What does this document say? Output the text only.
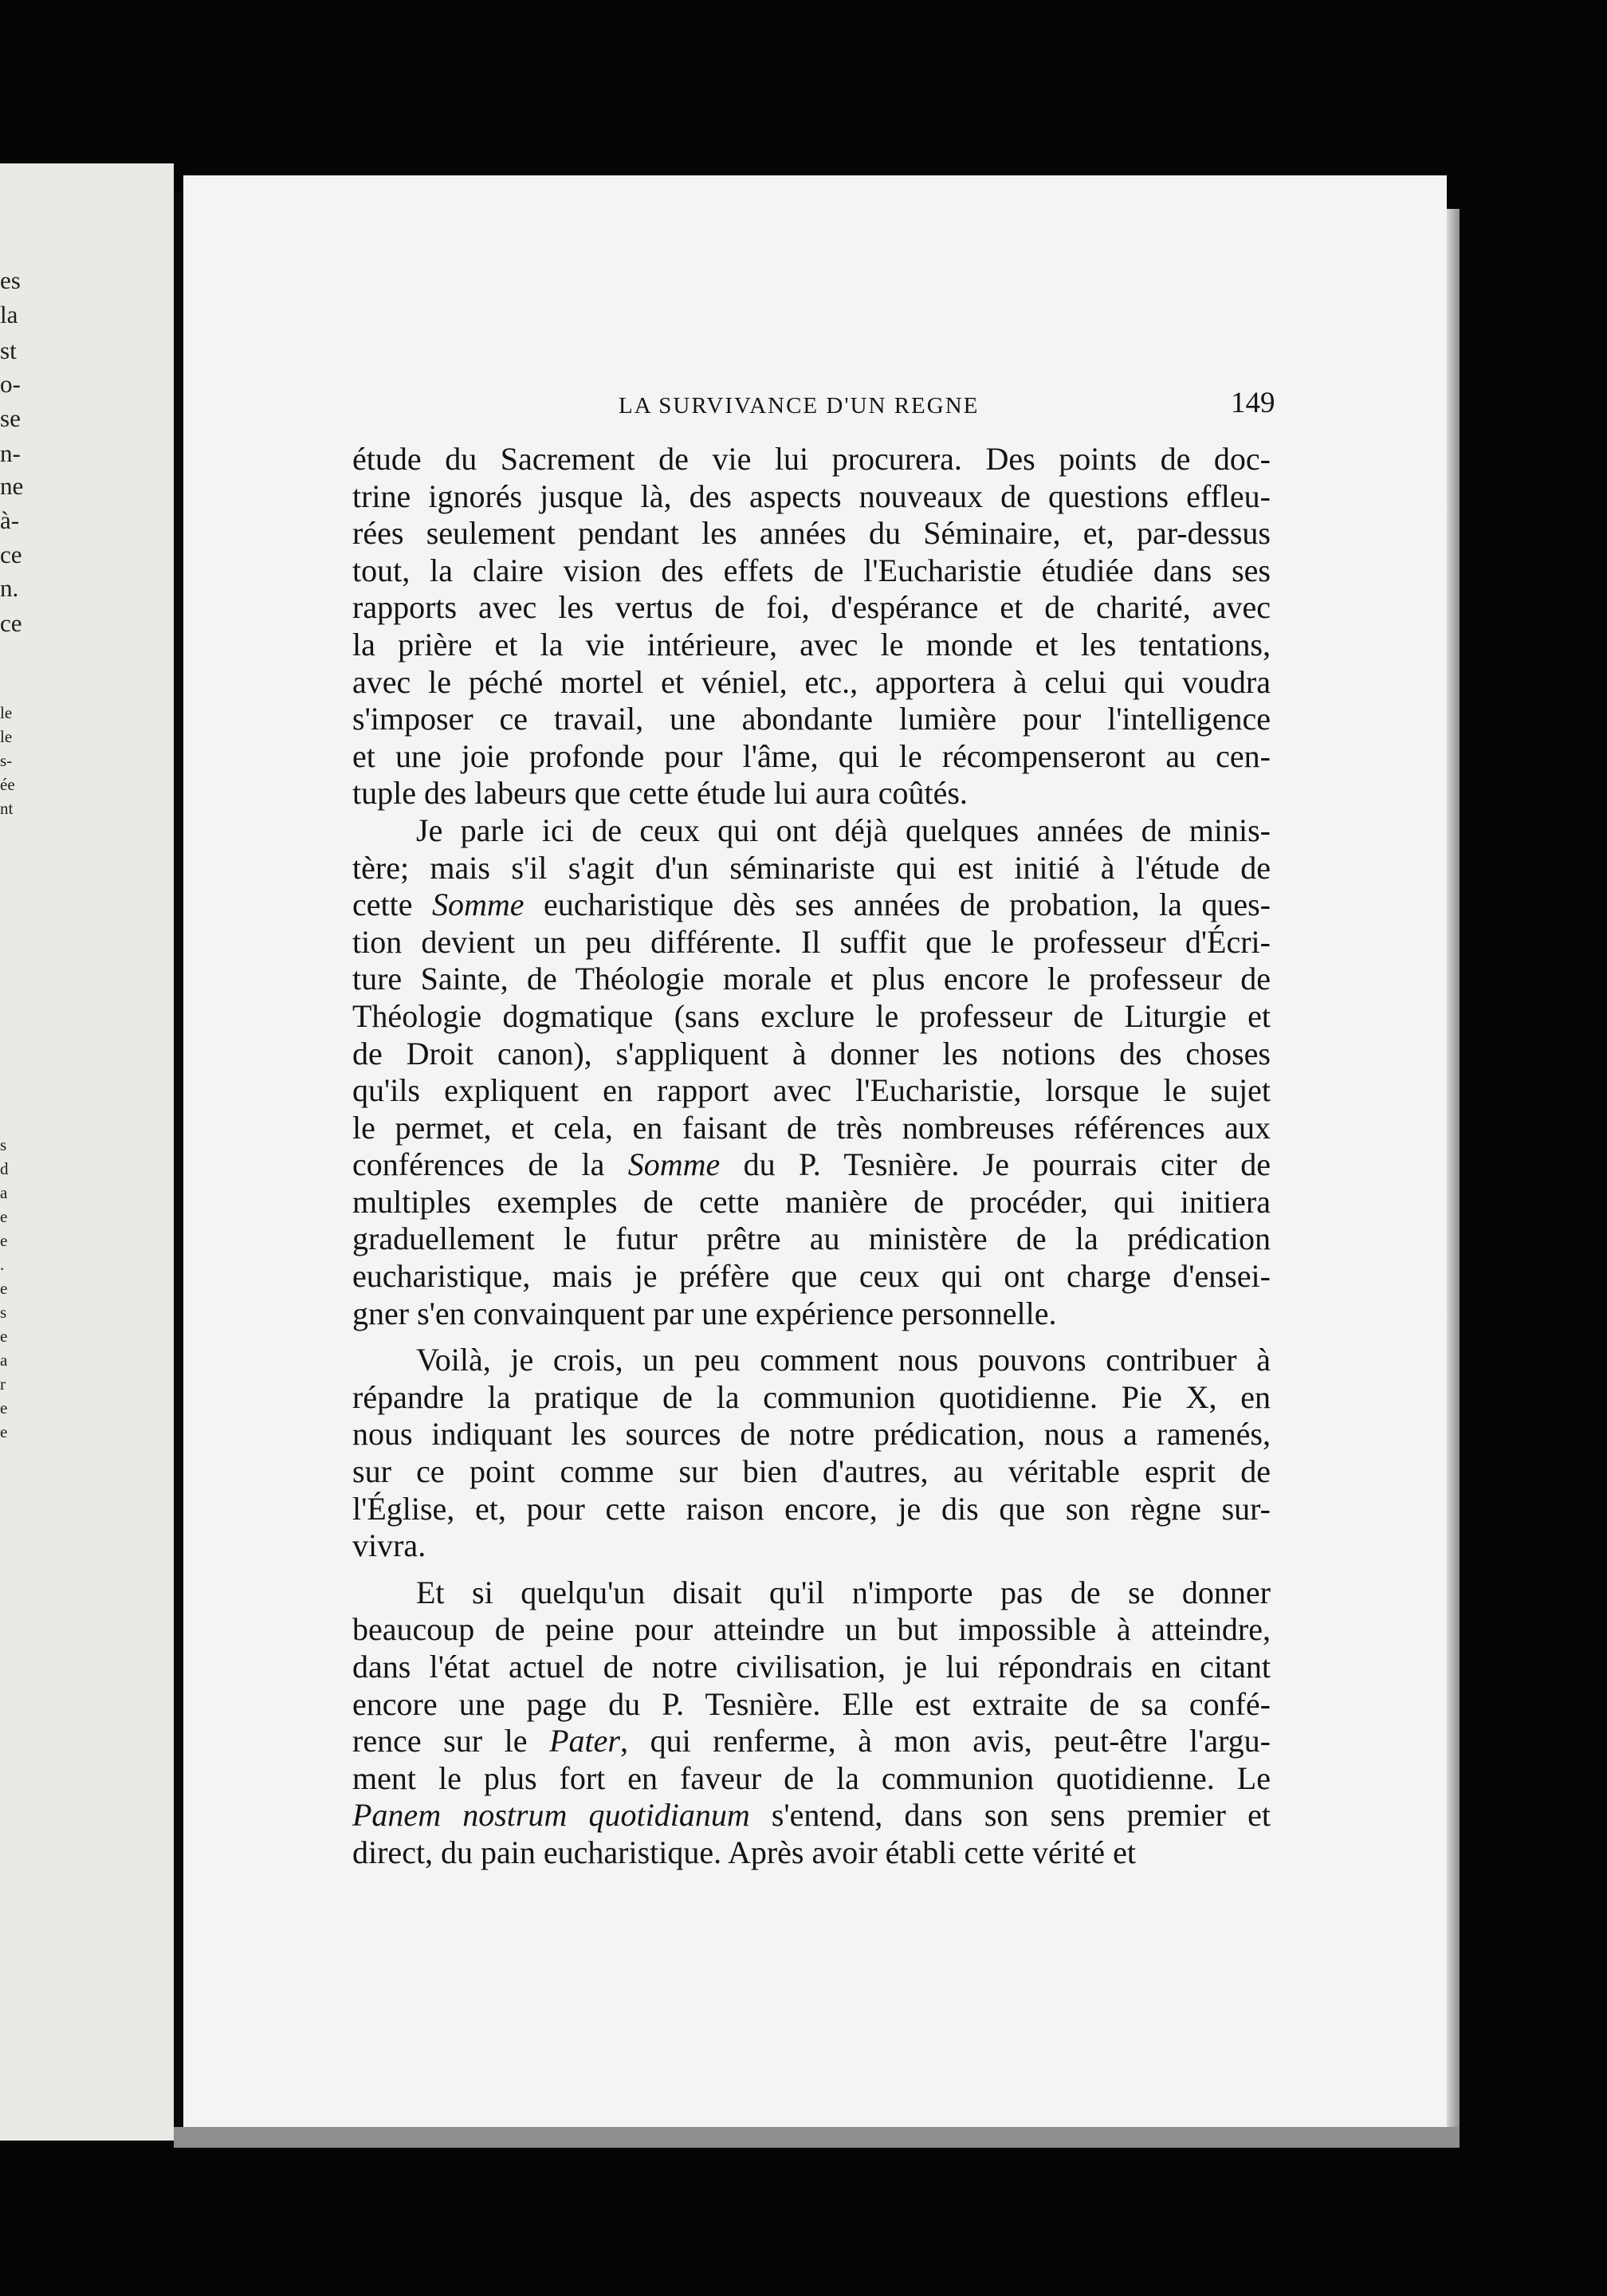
es
la
st
o-
se
n-
ne
à-
ce
n.
ce
le
le
s-
ée
nt
s
d
a
e
e
.
e
s
e
a
r
e
e
LA SURVIVANCE D'UN REGNE	149
étude du Sacrement de vie lui procurera. Des points de doc-
trine ignorés jusque là, des aspects nouveaux de questions effleu-
rées seulement pendant les années du Séminaire, et, par-dessus
tout, la claire vision des effets de l'Eucharistie étudiée dans ses
rapports avec les vertus de foi, d'espérance et de charité, avec
la prière et la vie intérieure, avec le monde et les tentations,
avec le péché mortel et véniel, etc., apportera à celui qui voudra
s'imposer ce travail, une abondante lumière pour l'intelligence
et une joie profonde pour l'âme, qui le récompenseront au cen-
tuple des labeurs que cette étude lui aura coûtés.
Je parle ici de ceux qui ont déjà quelques années de minis-
tère; mais s'il s'agit d'un séminariste qui est initié à l'étude de
cette Somme eucharistique dès ses années de probation, la ques-
tion devient un peu différente. Il suffit que le professeur d'Écri-
ture Sainte, de Théologie morale et plus encore le professeur de
Théologie dogmatique (sans exclure le professeur de Liturgie et
de Droit canon), s'appliquent à donner les notions des choses
qu'ils expliquent en rapport avec l'Eucharistie, lorsque le sujet
le permet, et cela, en faisant de très nombreuses références aux
conférences de la Somme du P. Tesnière. Je pourrais citer de
multiples exemples de cette manière de procéder, qui initiera
graduellement le futur prêtre au ministère de la prédication
eucharistique, mais je préfère que ceux qui ont charge d'ensei-
gner s'en convainquent par une expérience personnelle.
Voilà, je crois, un peu comment nous pouvons contribuer à
répandre la pratique de la communion quotidienne. Pie X, en
nous indiquant les sources de notre prédication, nous a ramenés,
sur ce point comme sur bien d'autres, au véritable esprit de
l'Église, et, pour cette raison encore, je dis que son règne sur-
vivra.
Et si quelqu'un disait qu'il n'importe pas de se donner
beaucoup de peine pour atteindre un but impossible à atteindre,
dans l'état actuel de notre civilisation, je lui répondrais en citant
encore une page du P. Tesnière. Elle est extraite de sa confé-
rence sur le Pater, qui renferme, à mon avis, peut-être l'argu-
ment le plus fort en faveur de la communion quotidienne. Le
Panem nostrum quotidianum s'entend, dans son sens premier et
direct, du pain eucharistique. Après avoir établi cette vérité et
